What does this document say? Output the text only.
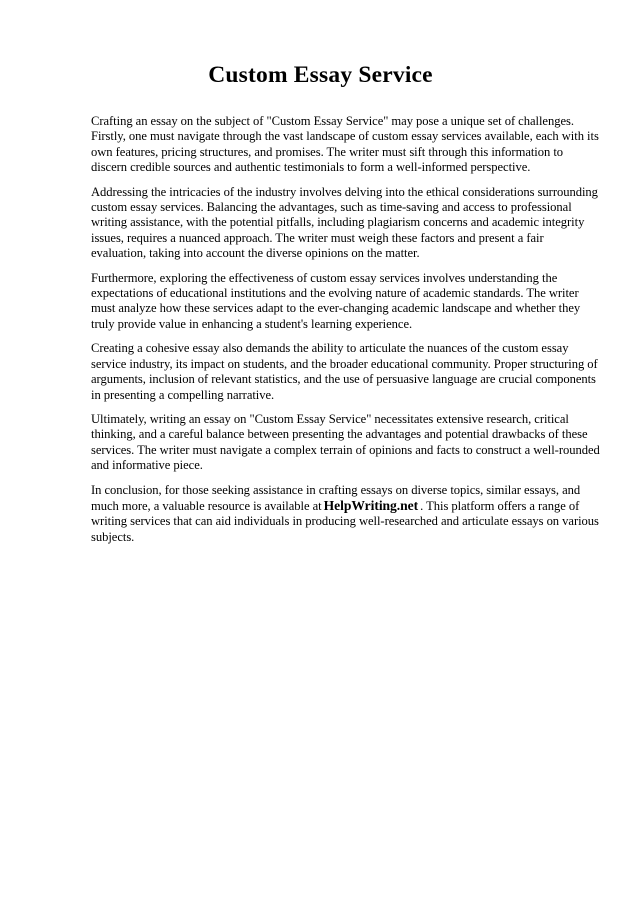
Custom Essay Service

Crafting an essay on the subject of "Custom Essay Service" may pose a unique set of challenges. Firstly, one must navigate through the vast landscape of custom essay services available, each with its own features, pricing structures, and promises. The writer must sift through this information to discern credible sources and authentic testimonials to form a well-informed perspective.

Addressing the intricacies of the industry involves delving into the ethical considerations surrounding custom essay services. Balancing the advantages, such as time-saving and access to professional writing assistance, with the potential pitfalls, including plagiarism concerns and academic integrity issues, requires a nuanced approach. The writer must weigh these factors and present a fair evaluation, taking into account the diverse opinions on the matter.

Furthermore, exploring the effectiveness of custom essay services involves understanding the expectations of educational institutions and the evolving nature of academic standards. The writer must analyze how these services adapt to the ever-changing academic landscape and whether they truly provide value in enhancing a student's learning experience.

Creating a cohesive essay also demands the ability to articulate the nuances of the custom essay service industry, its impact on students, and the broader educational community. Proper structuring of arguments, inclusion of relevant statistics, and the use of persuasive language are crucial components in presenting a compelling narrative.

Ultimately, writing an essay on "Custom Essay Service" necessitates extensive research, critical thinking, and a careful balance between presenting the advantages and potential drawbacks of these services. The writer must navigate a complex terrain of opinions and facts to construct a well-rounded and informative piece.

In conclusion, for those seeking assistance in crafting essays on diverse topics, similar essays, and much more, a valuable resource is available at HelpWriting.net . This platform offers a range of writing services that can aid individuals in producing well-researched and articulate essays on various subjects.
